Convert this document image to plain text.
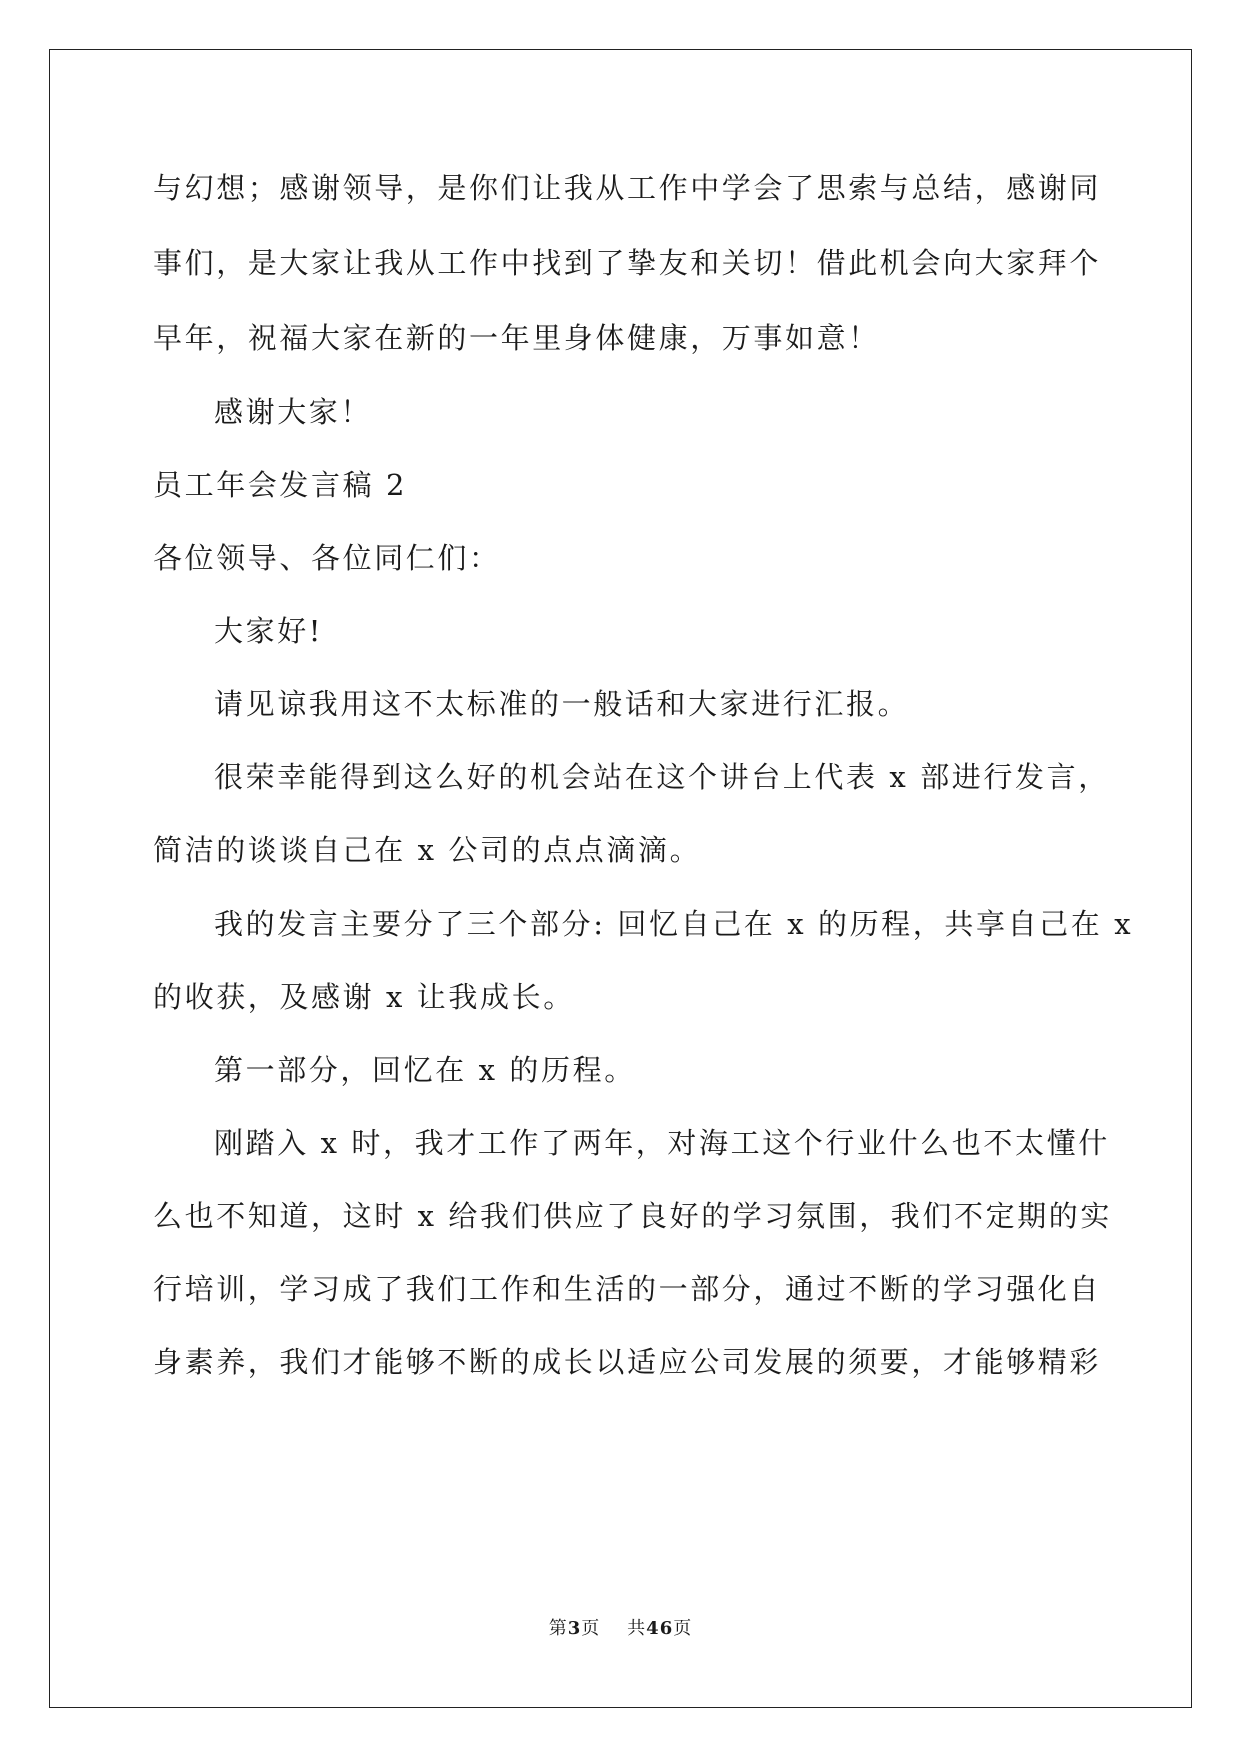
与幻想；感谢领导，是你们让我从工作中学会了思索与总结，感谢同
事们，是大家让我从工作中找到了挚友和关切！借此机会向大家拜个
早年，祝福大家在新的一年里身体健康，万事如意！
感谢大家！
员工年会发言稿 2
各位领导、各位同仁们：
大家好!
请见谅我用这不太标准的一般话和大家进行汇报。
很荣幸能得到这么好的机会站在这个讲台上代表 x 部进行发言，
简洁的谈谈自己在 x 公司的点点滴滴。
我的发言主要分了三个部分: 回忆自己在 x 的历程，共享自己在 x
的收获，及感谢 x 让我成长。
第一部分，回忆在 x 的历程。
刚踏入 x 时，我才工作了两年，对海工这个行业什么也不太懂什
么也不知道，这时 x 给我们供应了良好的学习氛围，我们不定期的实
行培训，学习成了我们工作和生活的一部分，通过不断的学习强化自
身素养，我们才能够不断的成长以适应公司发展的须要，才能够精彩
第3页 共46页
